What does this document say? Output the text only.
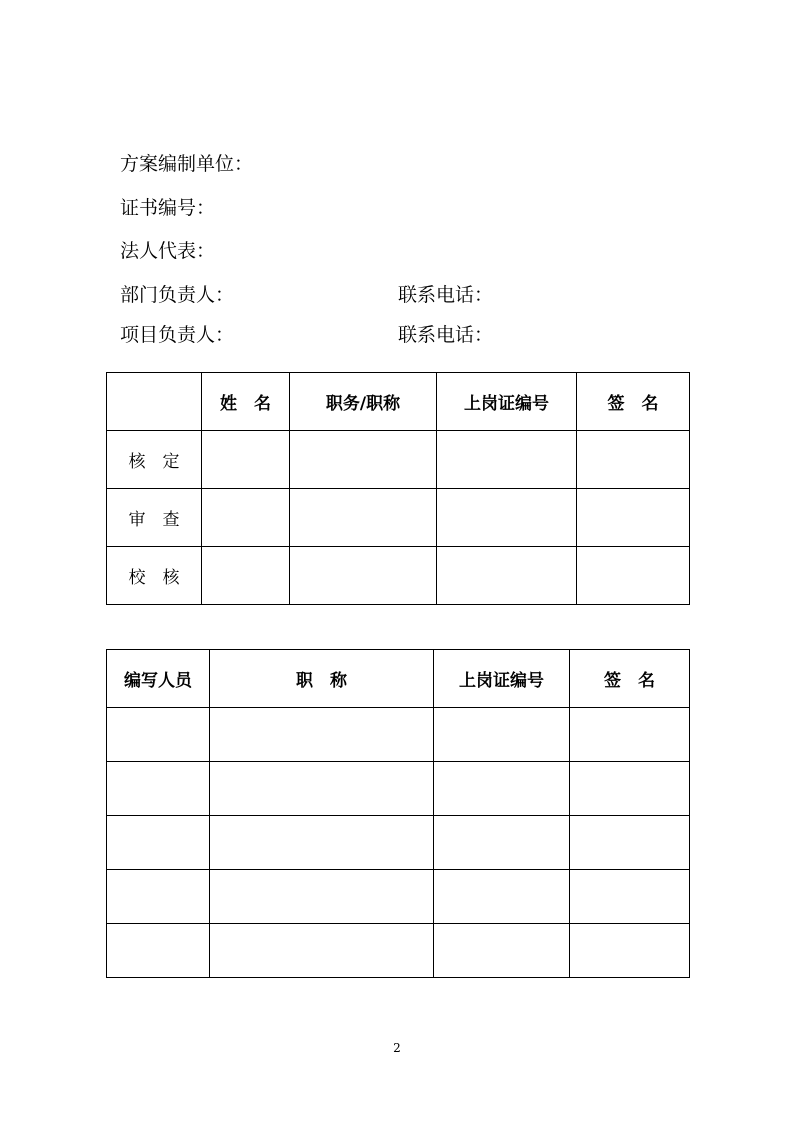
方案编制单位：
证书编号：
法人代表：
部门负责人：	联系电话：
项目负责人：	联系电话：
	姓　名	职务/职称	上岗证编号	签　名
核　定				
审　查				
校　核				
编写人员	职　称	上岗证编号	签　名

2
